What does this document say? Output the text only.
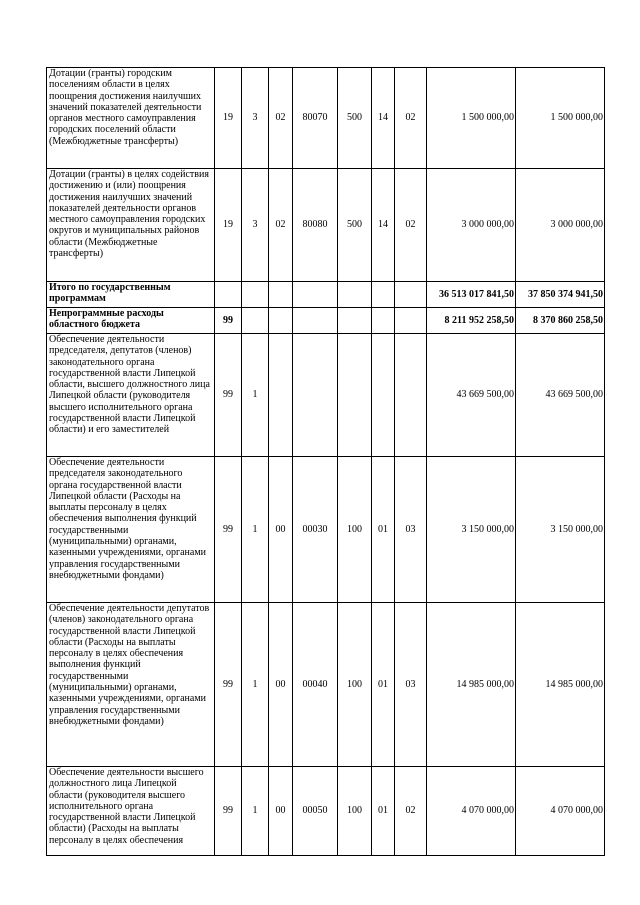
Дотации (гранты) городским поселениям области в целях поощрения достижения наилучших значений показателей деятельности органов местного самоуправления городских поселений области (Межбюджетные трансферты)	19	3	02	80070	500	14	02	1 500 000,00	1 500 000,00
Дотации (гранты) в целях содействия достижению и (или) поощрения достижения наилучших значений показателей деятельности органов местного самоуправления городских округов и муниципальных районов области (Межбюджетные трансферты)	19	3	02	80080	500	14	02	3 000 000,00	3 000 000,00
Итого по государственным программам								36 513 017 841,50	37 850 374 941,50
Непрограммные расходы областного бюджета	99							8 211 952 258,50	8 370 860 258,50
Обеспечение деятельности председателя, депутатов (членов) законодательного органа государственной власти Липецкой области, высшего должностного лица Липецкой области (руководителя высшего исполнительного органа государственной власти Липецкой области) и его заместителей	99	1						43 669 500,00	43 669 500,00
Обеспечение деятельности председателя законодательного органа государственной власти Липецкой области (Расходы на выплаты персоналу в целях обеспечения выполнения функций государственными (муниципальными) органами, казенными учреждениями, органами управления государственными внебюджетными фондами)	99	1	00	00030	100	01	03	3 150 000,00	3 150 000,00
Обеспечение деятельности депутатов (членов) законодательного органа государственной власти Липецкой области (Расходы на выплаты персоналу в целях обеспечения выполнения функций государственными (муниципальными) органами, казенными учреждениями, органами управления государственными внебюджетными фондами)	99	1	00	00040	100	01	03	14 985 000,00	14 985 000,00
Обеспечение деятельности высшего должностного лица Липецкой области (руководителя высшего исполнительного органа государственной власти Липецкой области) (Расходы на выплаты персоналу в целях обеспечения	99	1	00	00050	100	01	02	4 070 000,00	4 070 000,00
